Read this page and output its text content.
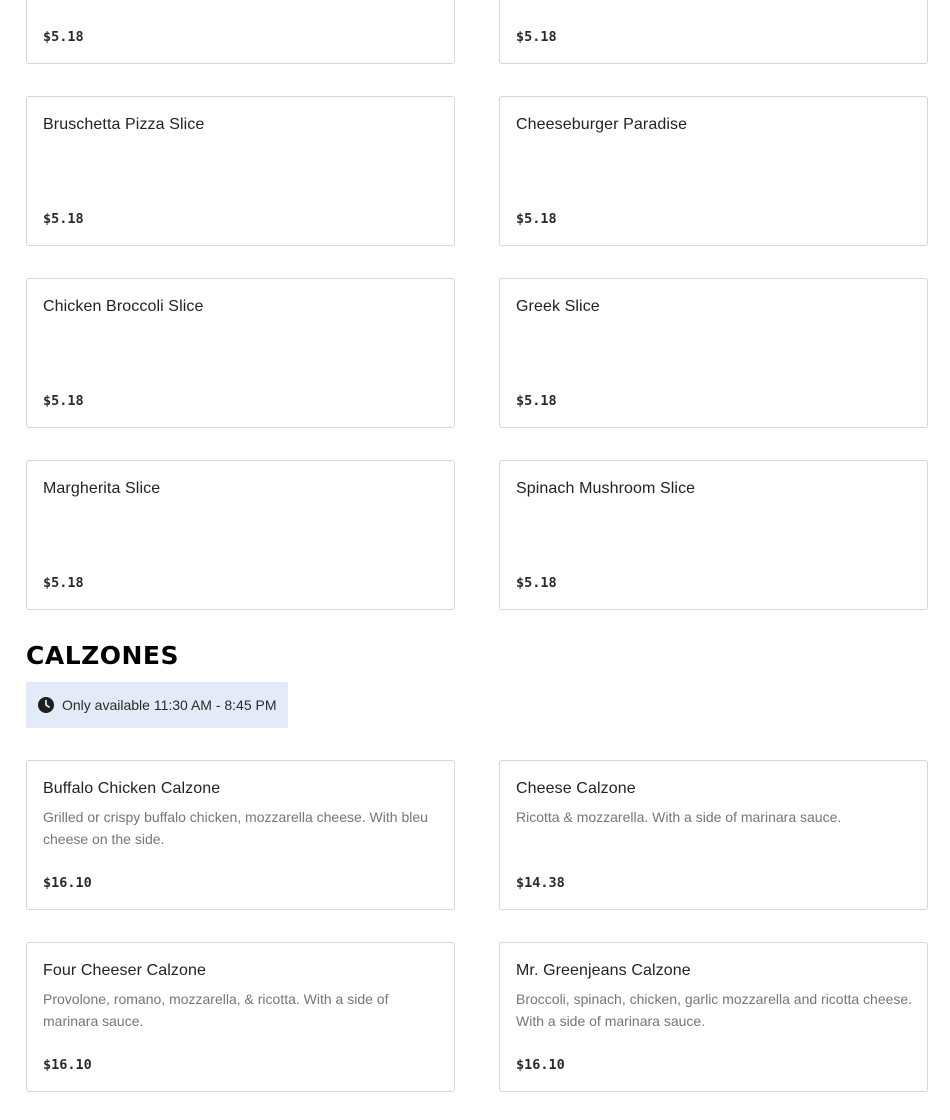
$5.18	$5.18
Bruschetta Pizza Slice
$5.18
Cheeseburger Paradise
$5.18
Chicken Broccoli Slice
$5.18
Greek Slice
$5.18
Margherita Slice
$5.18
Spinach Mushroom Slice
$5.18
CALZONES
Only available 11:30 AM - 8:45 PM
Buffalo Chicken Calzone
Grilled or crispy buffalo chicken, mozzarella cheese. With bleu cheese on the side.
$16.10
Cheese Calzone
Ricotta & mozzarella. With a side of marinara sauce.
$14.38
Four Cheeser Calzone
Provolone, romano, mozzarella, & ricotta. With a side of marinara sauce.
$16.10
Mr. Greenjeans Calzone
Broccoli, spinach, chicken, garlic mozzarella and ricotta cheese. With a side of marinara sauce.
$16.10
